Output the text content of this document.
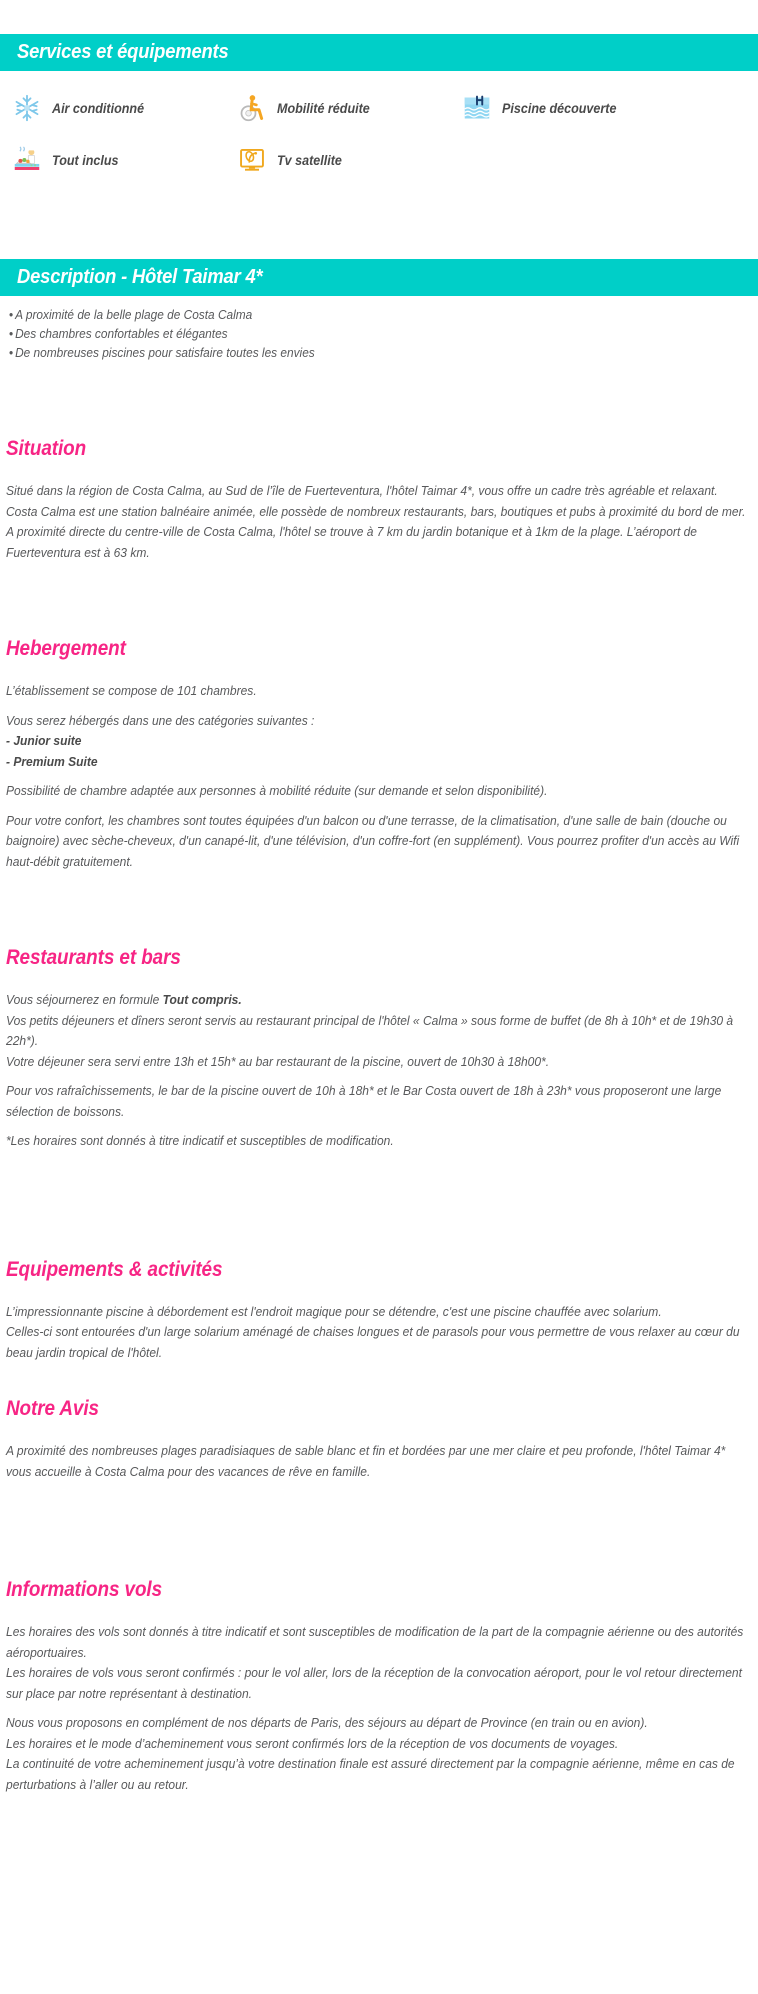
Services et équipements
Air conditionné	Mobilité réduite	Piscine découverte
Tout inclus	Tv satellite
Description - Hôtel Taimar 4*
• A proximité de la belle plage de Costa Calma
• Des chambres confortables et élégantes
• De nombreuses piscines pour satisfaire toutes les envies
Situation

Situé dans la région de Costa Calma, au Sud de l’île de Fuerteventura, l'hôtel Taimar 4*, vous offre un cadre très agréable et relaxant. Costa Calma est une station balnéaire animée, elle possède de nombreux restaurants, bars, boutiques et pubs à proximité du bord de mer. A proximité directe du centre-ville de Costa Calma, l'hôtel se trouve à 7 km du jardin botanique et à 1km de la plage. L’aéroport de Fuerteventura est à 63 km.

Hebergement

L’établissement se compose de 101 chambres.

Vous serez hébergés dans une des catégories suivantes :

- Junior suite

- Premium Suite

Possibilité de chambre adaptée aux personnes à mobilité réduite (sur demande et selon disponibilité).

Pour votre confort, les chambres sont toutes équipées d'un balcon ou d'une terrasse, de la climatisation, d'une salle de bain (douche ou baignoire) avec sèche-cheveux, d'un canapé-lit, d'une télévision, d'un coffre-fort (en supplément). Vous pourrez profiter d'un accès au Wifi haut-débit gratuitement.

Restaurants et bars

Vous séjournerez en formule Tout compris.

Vos petits déjeuners et dîners seront servis au restaurant principal de l'hôtel « Calma » sous forme de buffet (de 8h à 10h* et de 19h30 à 22h*).

Votre déjeuner sera servi entre 13h et 15h* au bar restaurant de la piscine, ouvert de 10h30 à 18h00*.

Pour vos rafraîchissements, le bar de la piscine ouvert de 10h à 18h* et le Bar Costa ouvert de 18h à 23h* vous proposeront une large sélection de boissons.

*Les horaires sont donnés à titre indicatif et susceptibles de modification.

Equipements & activités

L’impressionnante piscine à débordement est l'endroit magique pour se détendre, c'est une piscine chauffée avec solarium.

Celles-ci sont entourées d'un large solarium aménagé de chaises longues et de parasols pour vous permettre de vous relaxer au cœur du beau jardin tropical de l'hôtel.

Notre Avis

A proximité des nombreuses plages paradisiaques de sable blanc et fin et bordées par une mer claire et peu profonde, l'hôtel Taimar 4* vous accueille à Costa Calma pour des vacances de rêve en famille.

Informations vols

Les horaires des vols sont donnés à titre indicatif et sont susceptibles de modification de la part de la compagnie aérienne ou des autorités aéroportuaires.

Les horaires de vols vous seront confirmés : pour le vol aller, lors de la réception de la convocation aéroport, pour le vol retour directement sur place par notre représentant à destination.

Nous vous proposons en complément de nos départs de Paris, des séjours au départ de Province (en train ou en avion).

Les horaires et le mode d’acheminement vous seront confirmés lors de la réception de vos documents de voyages.

La continuité de votre acheminement jusqu’à votre destination finale est assuré directement par la compagnie aérienne, même en cas de perturbations à l’aller ou au retour.
